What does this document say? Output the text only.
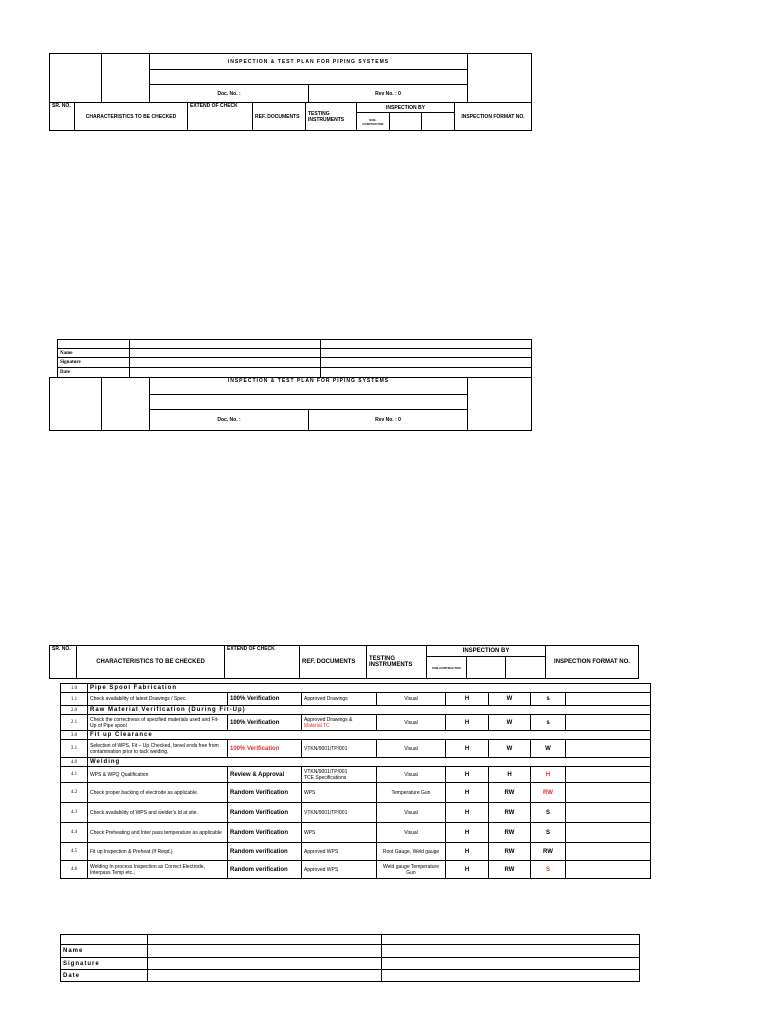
		INSPECTION & TEST PLAN FOR PIPING SYSTEMS		

		Doc. No. :	Rev No. : 0	
SR. NO.	CHARACTERISTICS TO BE CHECKED	EXTEND OF CHECK	REF. DOCUMENTS	TESTING INSTRUMENTS	INSPECTION BY			INSPECTION FORMAT NO.
					SUB-CONTRACTOR			

Name		
Signature		
Date		
		INSPECTION & TEST PLAN FOR PIPING SYSTEMS		

		Doc. No. :	Rev No. : 0	
SR. NO.	CHARACTERISTICS TO BE CHECKED	EXTEND OF CHECK	REF. DOCUMENTS	TESTING INSTRUMENTS	INSPECTION BY			INSPECTION FORMAT NO.
					SUB-CONTRACTOR			
1.0	Pipe Spool Fabrication							
1.1	Check availability of latest Drawings / Spec.	100% Verification	Approved Drawings	Visual	H	W	s	
2.0	Raw Material Verification (During Fit-Up)							
2.1	Check the correctness of specified materials used and Fit-Up of Pipe spool	100% Verification	Approved Drawings &
Material TC	Visual	H	W	s	
3.0	Fit up Clearance							
3.1	Selection of WPS, Fit – Up Checked, bevel ends free from contamination prior to tack welding.	100% Verification	VTKN/9001/TP/001	Visual	H	W	W	
4.0	Welding							
4.1	WPS & WPQ Qualification	Review & Approval	VTKN/9001/TP/001
TCE Specifications	Visual	H	H	H	
4.2	Check proper backing of electrode as applicable.	Random Verification	WPS	Temperature Gun	H	RW	RW	
4.3	Check availability of WPS and welder's Id at site.	Random Verification	VTKN/9001/TP/001	Visual	H	RW	S	
4.4	Check Preheating and Inter pass temperature as applicable	Random Verification	WPS	Visual	H	RW	S	
4.5	Fit up Inspection & Preheat (If Reqd.)	Random verification	Approved WPS	Root Gauge, Weld gauge	H	RW	RW	
4.6	Welding In process Inspection as Correct Electrode, Interpass Temp etc.,	Random verification	Approved WPS	Weld gauge Temperature Gun	H	RW	S	

Name		
Signature		
Date		
